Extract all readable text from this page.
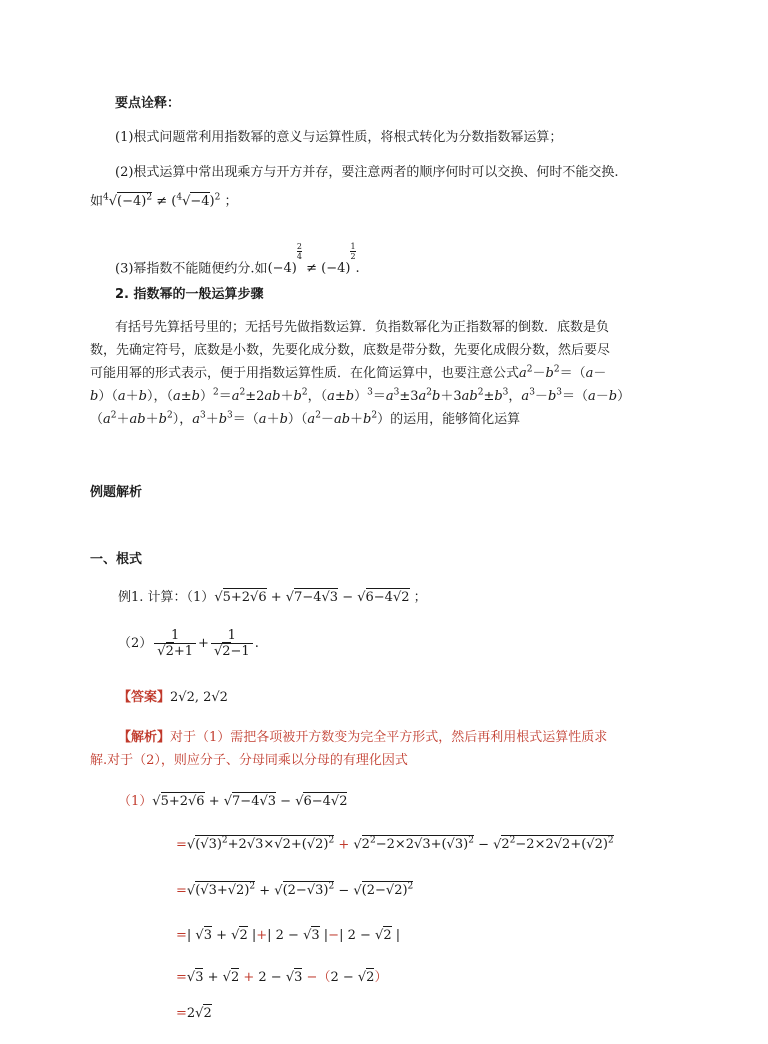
要点诠释：
(1)根式问题常利用指数幂的意义与运算性质，将根式转化为分数指数幂运算；
(2)根式运算中常出现乘方与开方并存，要注意两者的顺序何时可以交换、何时不能交换.
如$^4√(-4)^2 \ne (^4√-4)^2$ ；
(3)幂指数不能随便约分.如(−4)
$^{\frac{2}{4}}$
≠ (−4)
$^{\frac{1}{2}}$
.
2. 指数幂的一般运算步骤
有括号先算括号里的；无括号先做指数运算．负指数幂化为正指数幂的倒数．底数是负
数，先确定符号，底数是小数，先要化成分数，底数是带分数，先要化成假分数，然后要尽
可能用幂的形式表示，便于用指数运算性质．在化简运算中，也要注意公式$a^2-b^2=(a-$
b）（a＋b），$(a\pm b)^2=a^2\pm 2ab+b^2$，$(a\pm b)^3=a^3\pm 3a^2b+3ab^2\pm b^3$，$a^3-b^3=(a-b)$
$(a^2+ab+b^2)$，$a^3+b^3=(a+b)(a^2-ab+b^2)$的运用，能够简化运算
例题解析
一、根式
例1. 计算：（1）√5+2√6 + √7−4√3 − √6−4√2 ；
$(2) \frac{1}{√2+1} + \frac{1}{√2-1}$ .
【答案】2√2, 2√2
【解析】对于（1）需把各项被开方数变为完全平方形式，然后再利用根式运算性质求
解.对于（2），则应分子、分母同乘以分母的有理化因式
（1）√5+2√6 + √7−4√3 − √6−4√2
$=√(√3)^2+2√3\times√2+(√2)^2 + √2^2-2\times 2√3+(√3)^2 - √2^2-2\times 2√2+(√2)^2$
$=√(√3+√2)^2 + √(2-√3)^2 - √(2-√2)^2$
=| √3 + √2 |+| 2 − √3 |−| 2 − √2 |
=√3 + √2 + 2 − √3 −（2 − √2）
=2√2
